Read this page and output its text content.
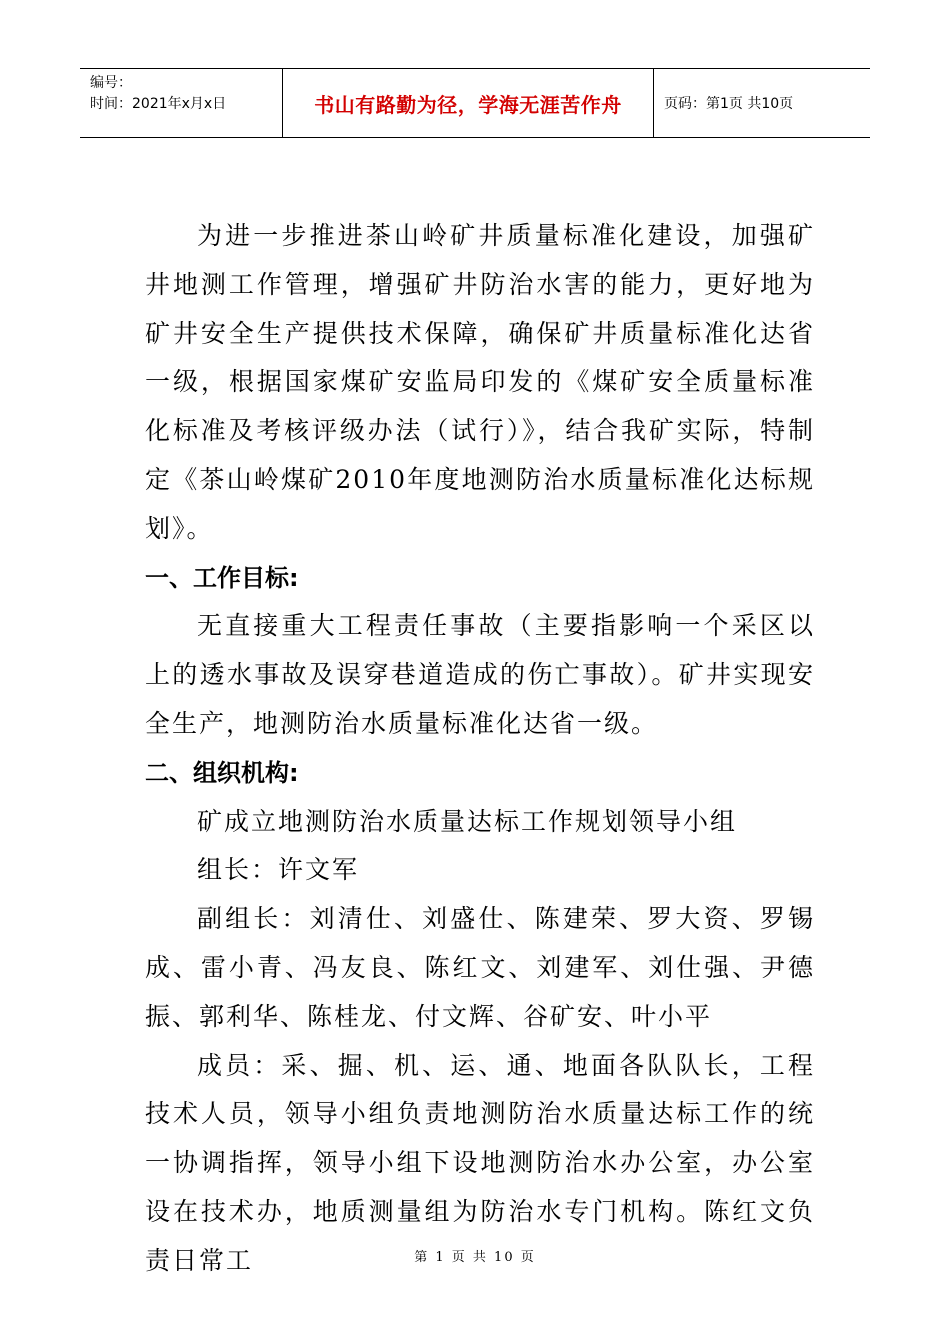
编号：
时间：2021年x月x日	书山有路勤为径，学海无涯苦作舟	页码：第1页 共10页

为进一步推进茶山岭矿井质量标准化建设，加强矿井地测工作管理，增强矿井防治水害的能力，更好地为矿井安全生产提供技术保障，确保矿井质量标准化达省一级，根据国家煤矿安监局印发的《煤矿安全质量标准化标准及考核评级办法（试行）》，结合我矿实际，特制定《茶山岭煤矿2010年度地测防治水质量标准化达标规划》。

一、工作目标:

无直接重大工程责任事故（主要指影响一个采区以上的透水事故及误穿巷道造成的伤亡事故）。矿井实现安全生产，地测防治水质量标准化达省一级。

二、组织机构:

矿成立地测防治水质量达标工作规划领导小组

组长：许文军

副组长：刘清仕、刘盛仕、陈建荣、罗大资、罗锡成、雷小青、冯友良、陈红文、刘建军、刘仕强、尹德振、郭利华、陈桂龙、付文辉、谷矿安、叶小平

成员：采、掘、机、运、通、地面各队队长，工程技术人员，领导小组负责地测防治水质量达标工作的统一协调指挥，领导小组下设地测防治水办公室，办公室设在技术办，地质测量组为防治水专门机构。陈红文负责日常工	第 1 页 共 10 页
